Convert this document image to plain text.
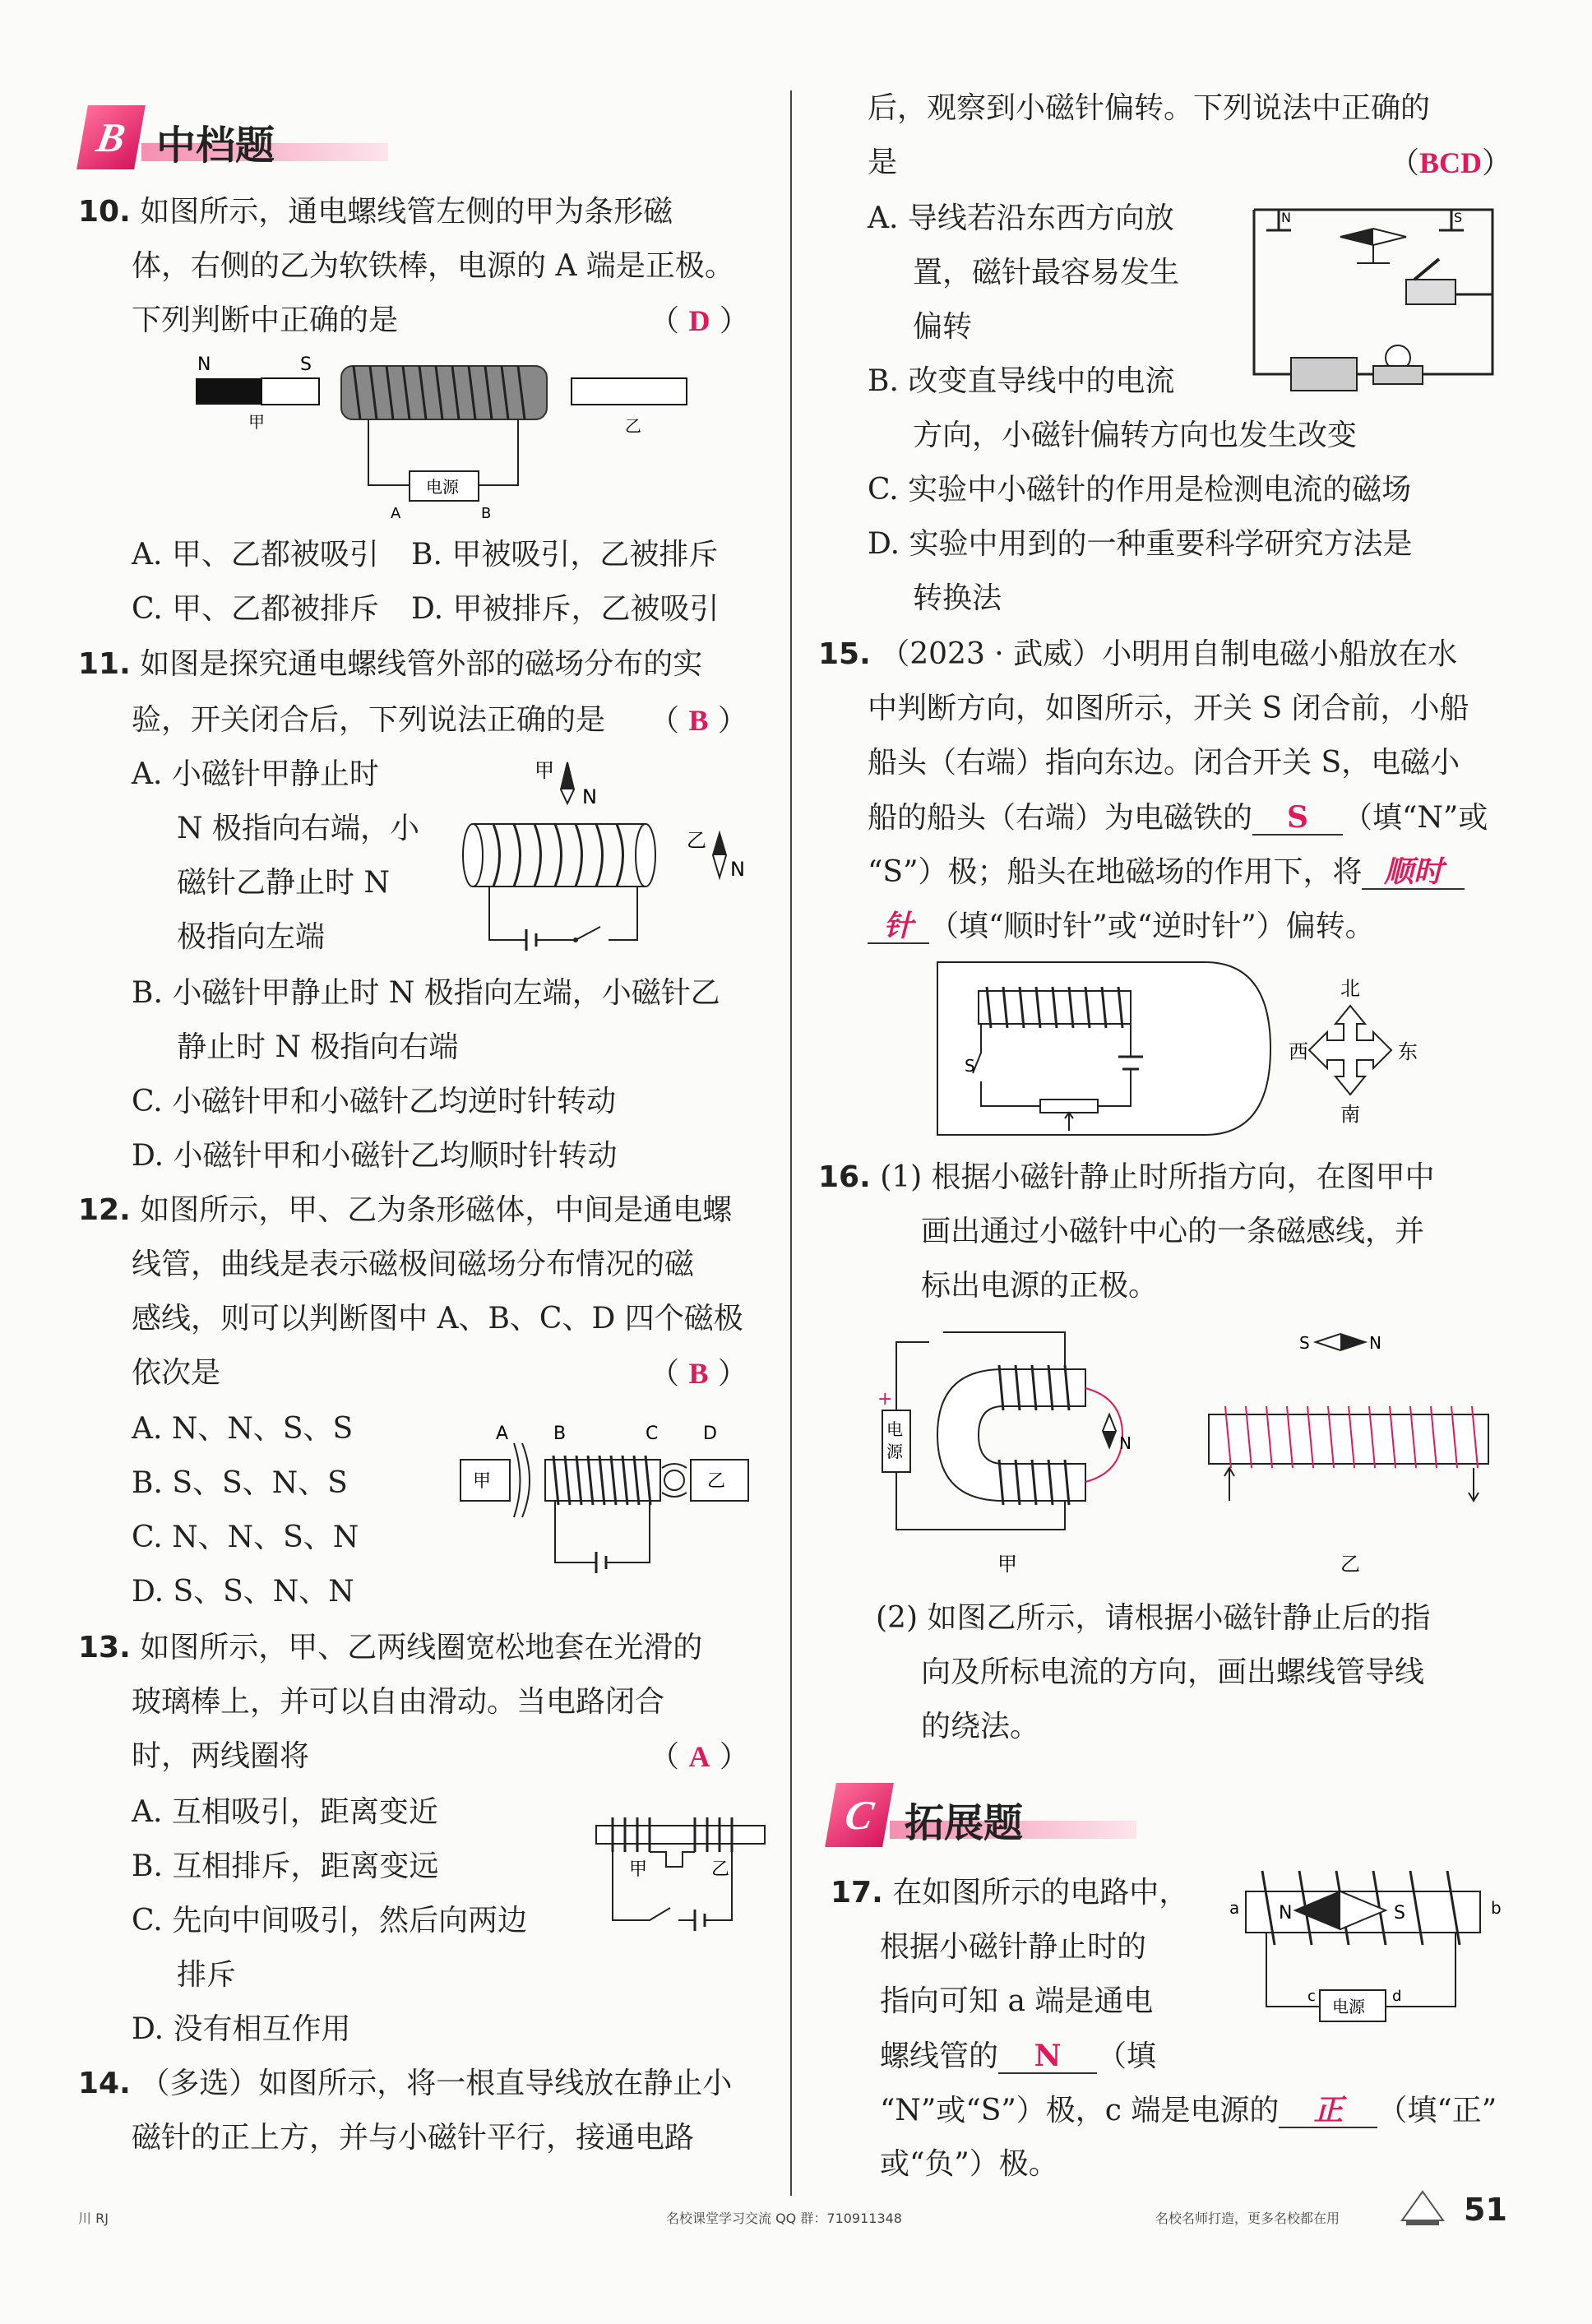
B 中档题
10. 如图所示，通电螺线管左侧的甲为条形磁
体，右侧的乙为软铁棒，电源的 A 端是正极。
下列判断中正确的是	（ D ）
N	S
甲	乙
电源
A	B
A. 甲、乙都被吸引 B. 甲被吸引，乙被排斥
C. 甲、乙都被排斥 D. 甲被排斥，乙被吸引
11. 如图是探究通电螺线管外部的磁场分布的实
验，开关闭合后，下列说法正确的是 （ B ）
A. 小磁针甲静止时
N 极指向右端，小
磁针乙静止时 N
极指向左端
甲
N
乙
N
B. 小磁针甲静止时 N 极指向左端，小磁针乙
静止时 N 极指向右端
C. 小磁针甲和小磁针乙均逆时针转动
D. 小磁针甲和小磁针乙均顺时针转动
12. 如图所示，甲、乙为条形磁体，中间是通电螺
线管，曲线是表示磁极间磁场分布情况的磁
感线，则可以判断图中 A、B、C、D 四个磁极
依次是	（ B ）
A. N、N、S、S
B. S、S、N、S
C. N、N、S、N
D. S、S、N、N
A B	C D
甲	乙
13. 如图所示，甲、乙两线圈宽松地套在光滑的
玻璃棒上，并可以自由滑动。当电路闭合
时，两线圈将	（ A ）
A. 互相吸引，距离变近
B. 互相排斥，距离变远
C. 先向中间吸引，然后向两边
排斥
D. 没有相互作用
甲	乙
14. （多选）如图所示，将一根直导线放在静止小
磁针的正上方，并与小磁针平行，接通电路
后，观察到小磁针偏转。下列说法中正确的
是	（BCD）
A. 导线若沿东西方向放
置，磁针最容易发生
偏转
B. 改变直导线中的电流
方向，小磁针偏转方向也发生改变
C. 实验中小磁针的作用是检测电流的磁场
D. 实验中用到的一种重要科学研究方法是
转换法
N	S
15. （2023 · 武威）小明用自制电磁小船放在水
中判断方向，如图所示，开关 S 闭合前，小船
船头（右端）指向东边。闭合开关 S，电磁小
船的船头（右端）为电磁铁的 S （填“N”或
“S”）极；船头在地磁场的作用下，将 顺时
针 （填“顺时针”或“逆时针”）偏转。
S
北
南
西	东
16. (1) 根据小磁针静止时所指方向，在图甲中
画出通过小磁针中心的一条磁感线，并
标出电源的正极。
电
源
+
N
甲
S	N
乙
(2) 如图乙所示，请根据小磁针静止后的指
向及所标电流的方向，画出螺线管导线
的绕法。
C 拓展题
17. 在如图所示的电路中，
根据小磁针静止时的
指向可知 a 端是通电
螺线管的 N （填
“N”或“S”）极，c 端是电源的 正 （填“正”
或“负”）极。
a	b
N	S
电源
c	d
川 RJ	名校课堂学习交流 QQ 群：710911348	名校名师打造，更多名校都在用	51
